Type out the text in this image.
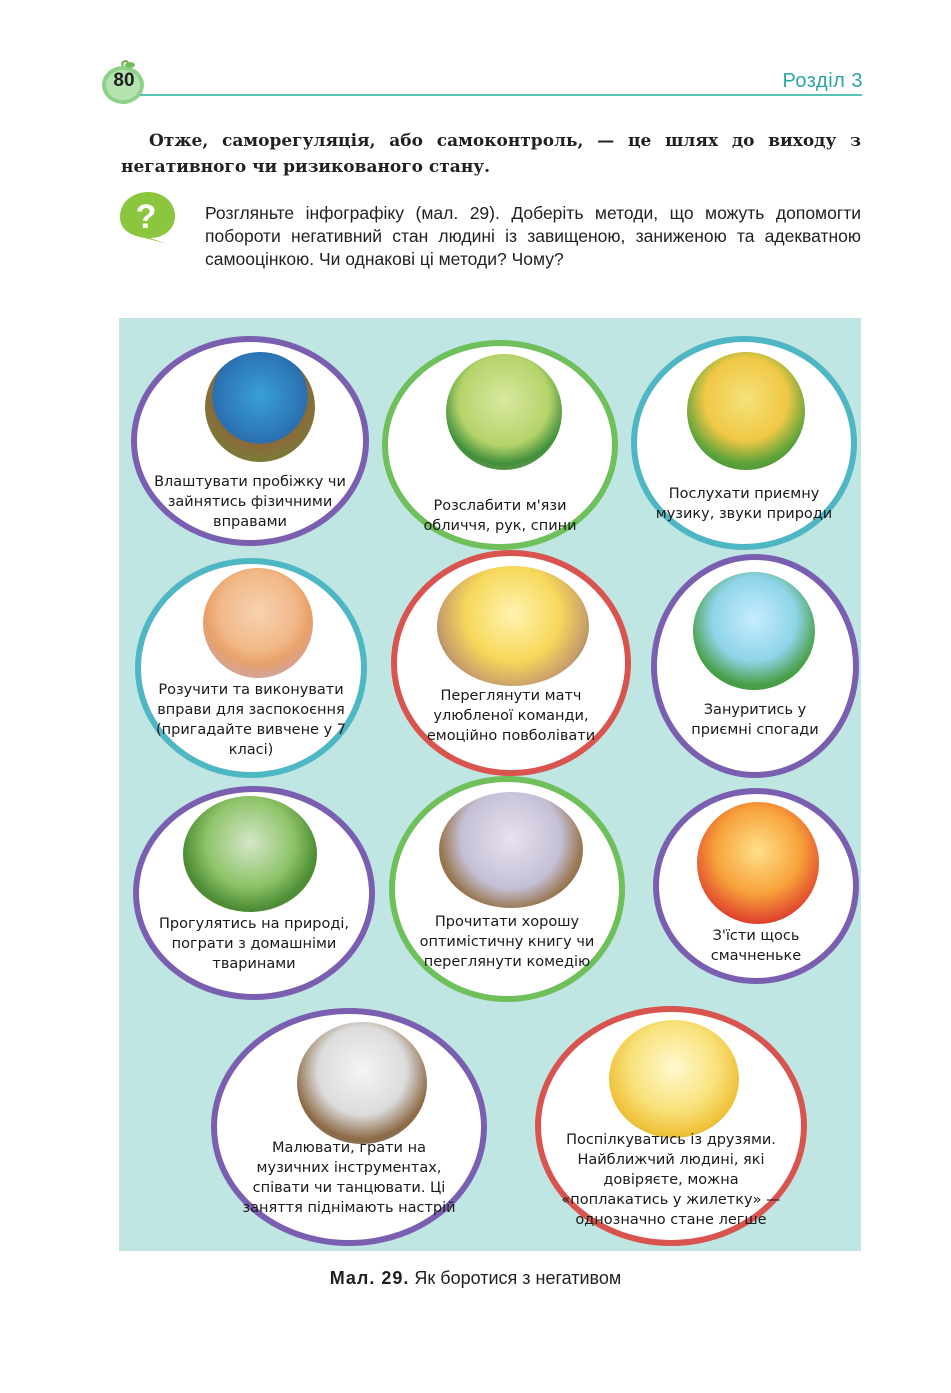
80	Розділ 3
Отже, саморегуляція, або самоконтроль, — це шлях до виходу з негативного чи ризикованого стану.
?	Розгляньте інфографіку (мал. 29). Доберіть методи, що можуть допомогти побороти негативний стан людині із завищеною, заниженою та адекватною самооцінкою. Чи однакові ці методи? Чому?
Влаштувати пробіжку чи зайнятись фізичними вправами
Розслабити м'язи обличчя, рук, спини
Послухати приємну музику, звуки природи
Розучити та виконувати вправи для заспокоєння (пригадайте вивчене у 7 класі)
Переглянути матч улюбленої команди, емоційно повболівати
Зануритись у приємні спогади
Прогулятись на природі, пограти з домашніми тваринами
Прочитати хорошу оптимістичну книгу чи переглянути комедію
З'їсти щось смачненьке
Малювати, грати на музичних інструментах, співати чи танцювати. Ці заняття піднімають настрій
Поспілкуватись із друзями. Найближчий людині, які довіряєте, можна «поплакатись у жилетку» — однозначно стане легше
Мал. 29. Як боротися з негативом
